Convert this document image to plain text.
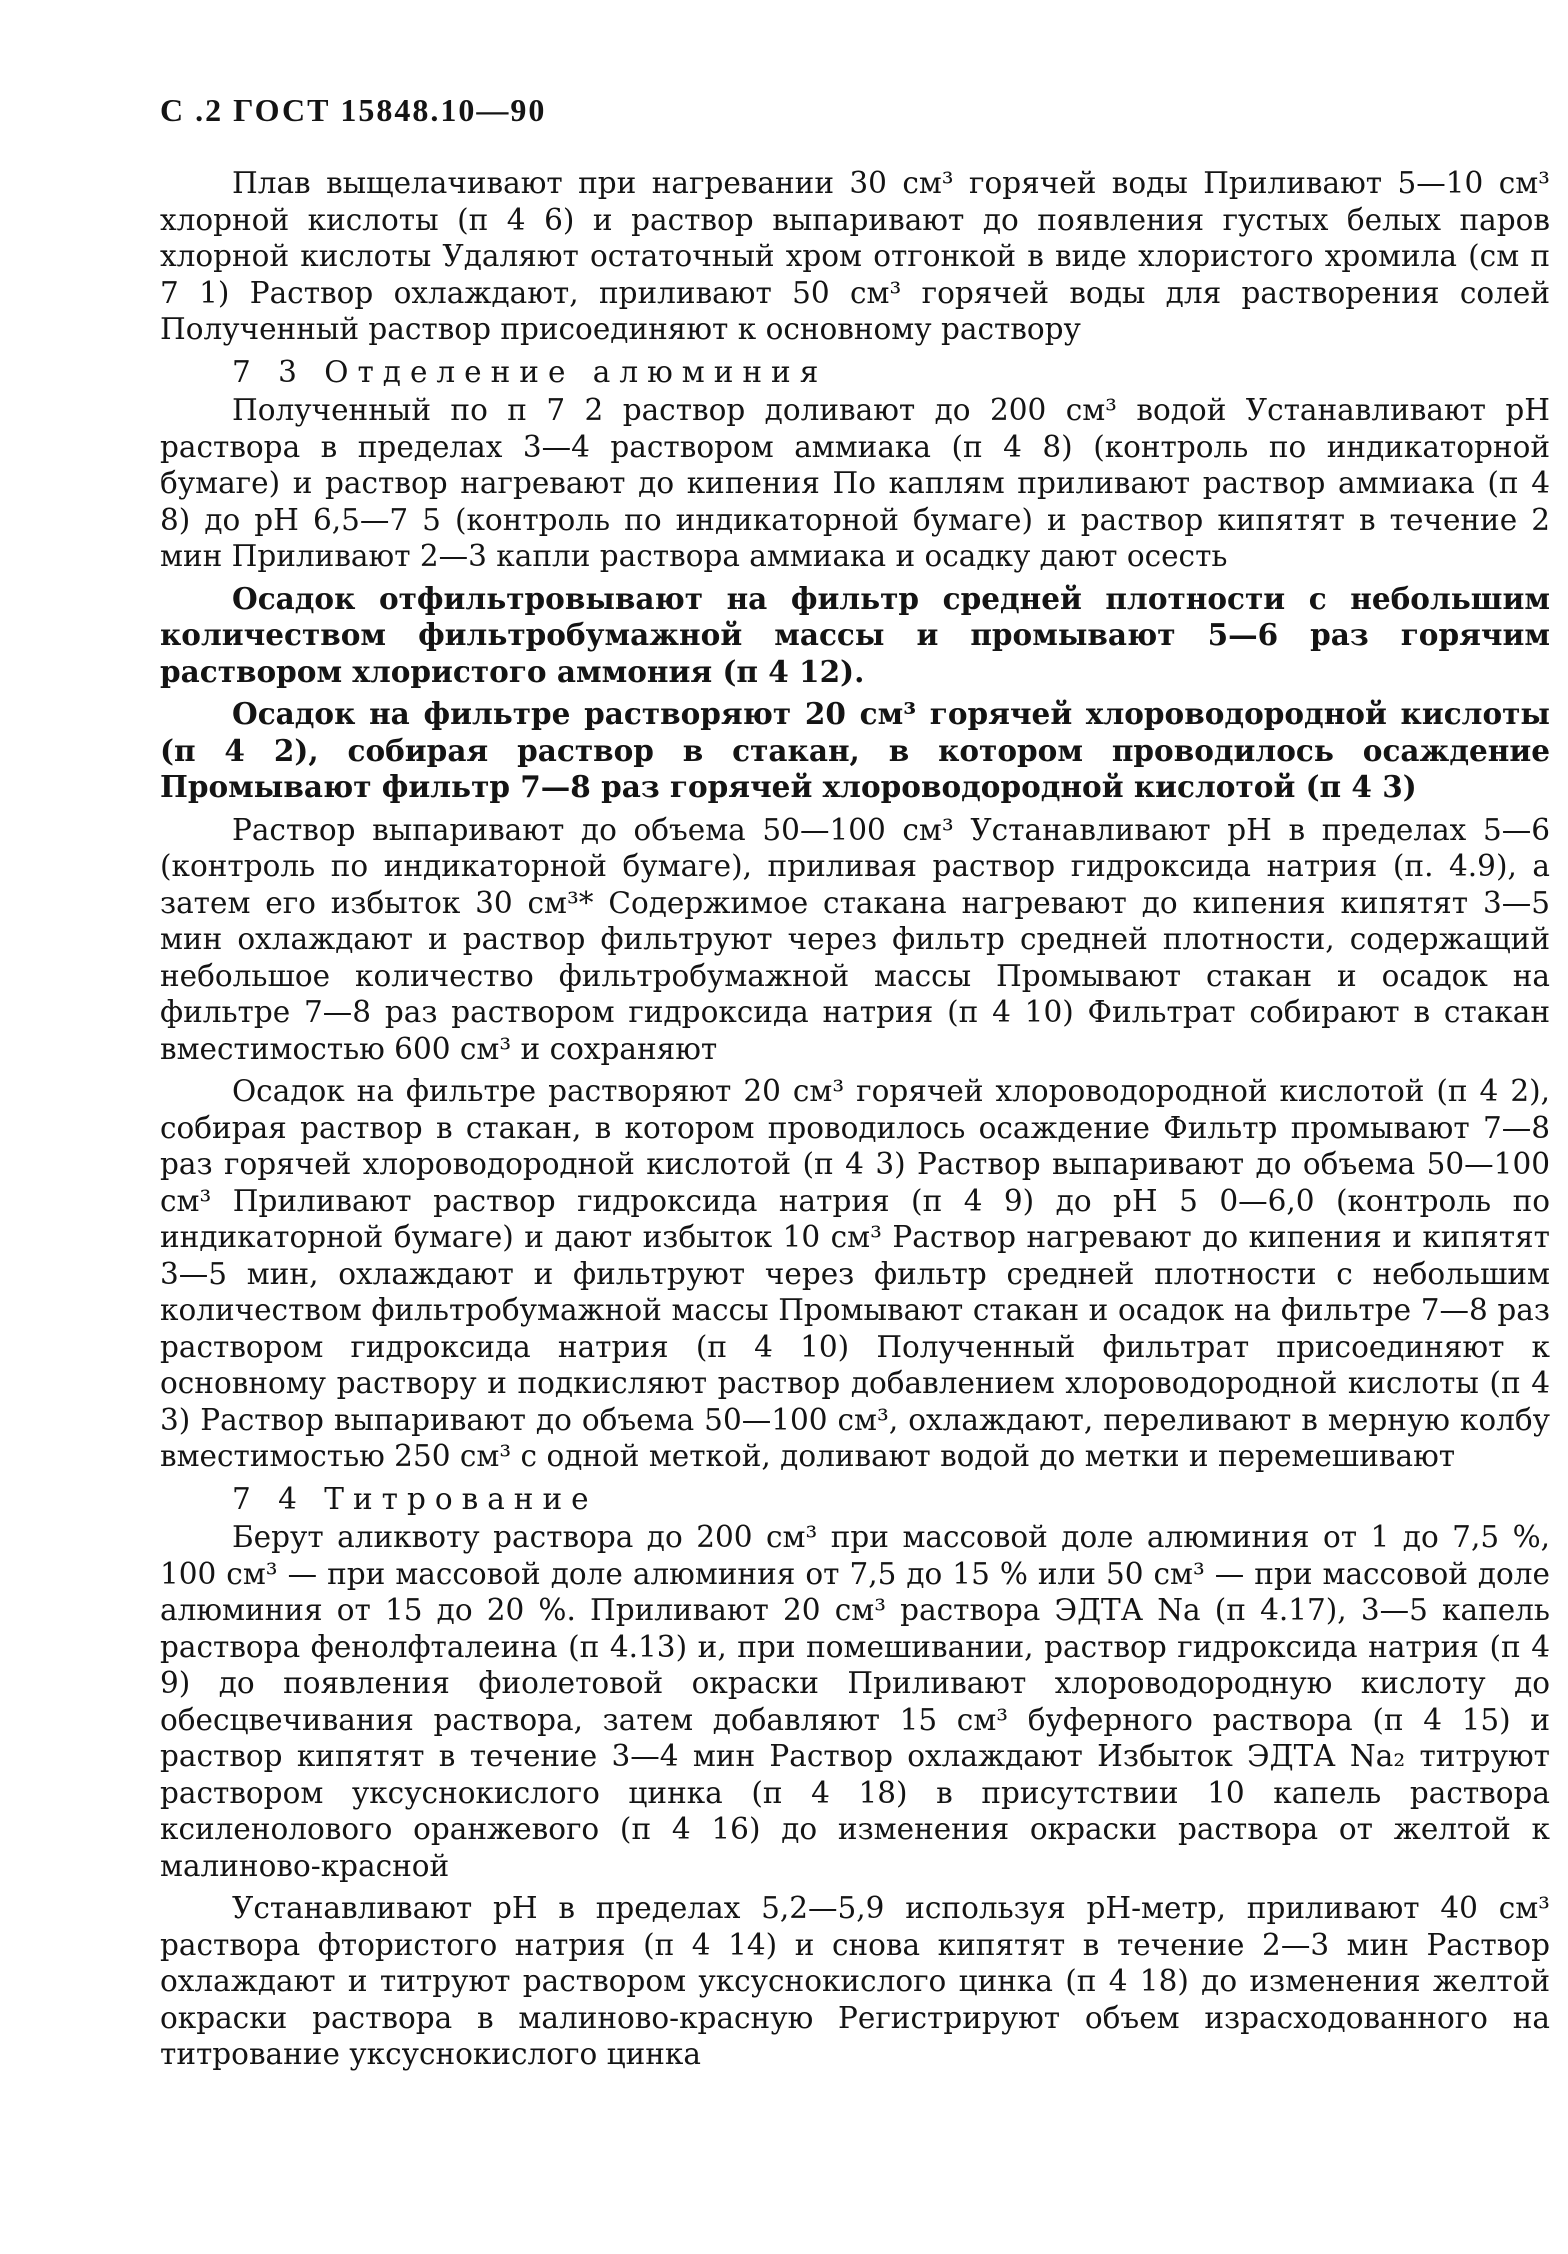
С .2 ГОСТ 15848.10—90

Плав выщелачивают при нагревании 30 см³ горячей воды Приливают 5—10 см³ хлорной кислоты (п 4 6) и раствор выпаривают до появления густых белых паров хлорной кислоты Удаляют остаточный хром отгонкой в виде хлористого хромила (см п 7 1) Раствор охлаждают, приливают 50 см³ горячей воды для растворения солей Полученный раствор присоединяют к основному раствору

7 3 Отделение алюминия

Полученный по п 7 2 раствор доливают до 200 см³ водой Устанавливают pH раствора в пределах 3—4 раствором аммиака (п 4 8) (контроль по индикаторной бумаге) и раствор нагревают до кипения По каплям приливают раствор аммиака (п 4 8) до pH 6,5—7 5 (контроль по индикаторной бумаге) и раствор кипятят в течение 2 мин Приливают 2—3 капли раствора аммиака и осадку дают осесть

Осадок отфильтровывают на фильтр средней плотности с небольшим количеством фильтробумажной массы и промывают 5—6 раз горячим раствором хлористого аммония (п 4 12).

Осадок на фильтре растворяют 20 см³ горячей хлороводородной кислоты (п 4 2), собирая раствор в стакан, в котором проводилось осаждение Промывают фильтр 7—8 раз горячей хлороводородной кислотой (п 4 3)

Раствор выпаривают до объема 50—100 см³ Устанавливают pH в пределах 5—6 (контроль по индикаторной бумаге), приливая раствор гидроксида натрия (п. 4.9), а затем его избыток 30 см³* Содержимое стакана нагревают до кипения кипятят 3—5 мин охлаждают и раствор фильтруют через фильтр средней плотности, содержащий небольшое количество фильтробумажной массы Промывают стакан и осадок на фильтре 7—8 раз раствором гидроксида натрия (п 4 10) Фильтрат собирают в стакан вместимостью 600 см³ и сохраняют

Осадок на фильтре растворяют 20 см³ горячей хлороводородной кислотой (п 4 2), собирая раствор в стакан, в котором проводилось осаждение Фильтр промывают 7—8 раз горячей хлороводородной кислотой (п 4 3) Раствор выпаривают до объема 50—100 см³ Приливают раствор гидроксида натрия (п 4 9) до pH 5 0—6,0 (контроль по индикаторной бумаге) и дают избыток 10 см³ Раствор нагревают до кипения и кипятят 3—5 мин, охлаждают и фильтруют через фильтр средней плотности с небольшим количеством фильтробумажной массы Промывают стакан и осадок на фильтре 7—8 раз раствором гидроксида натрия (п 4 10) Полученный фильтрат присоединяют к основному раствору и подкисляют раствор добавлением хлороводородной кислоты (п 4 3) Раствор выпаривают до объема 50—100 см³, охлаждают, переливают в мерную колбу вместимостью 250 см³ с одной меткой, доливают водой до метки и перемешивают

7 4 Титрование

Берут аликвоту раствора до 200 см³ при массовой доле алюминия от 1 до 7,5 %, 100 см³ — при массовой доле алюминия от 7,5 до 15 % или 50 см³ — при массовой доле алюминия от 15 до 20 %. Приливают 20 см³ раствора ЭДТА Na (п 4.17), 3—5 капель раствора фенолфталеина (п 4.13) и, при помешивании, раствор гидроксида натрия (п 4 9) до появления фиолетовой окраски Приливают хлороводородную кислоту до обесцвечивания раствора, затем добавляют 15 см³ буферного раствора (п 4 15) и раствор кипятят в течение 3—4 мин Раствор охлаждают Избыток ЭДТА Na₂ титруют раствором уксуснокислого цинка (п 4 18) в присутствии 10 капель раствора ксиленолового оранжевого (п 4 16) до изменения окраски раствора от желтой к малиново-красной

Устанавливают pH в пределах 5,2—5,9 используя pH-метр, приливают 40 см³ раствора фтористого натрия (п 4 14) и снова кипятят в течение 2—3 мин Раствор охлаждают и титруют раствором уксуснокислого цинка (п 4 18) до изменения желтой окраски раствора в малиново-красную Регистрируют объем израсходованного на титрование уксуснокислого цинка
